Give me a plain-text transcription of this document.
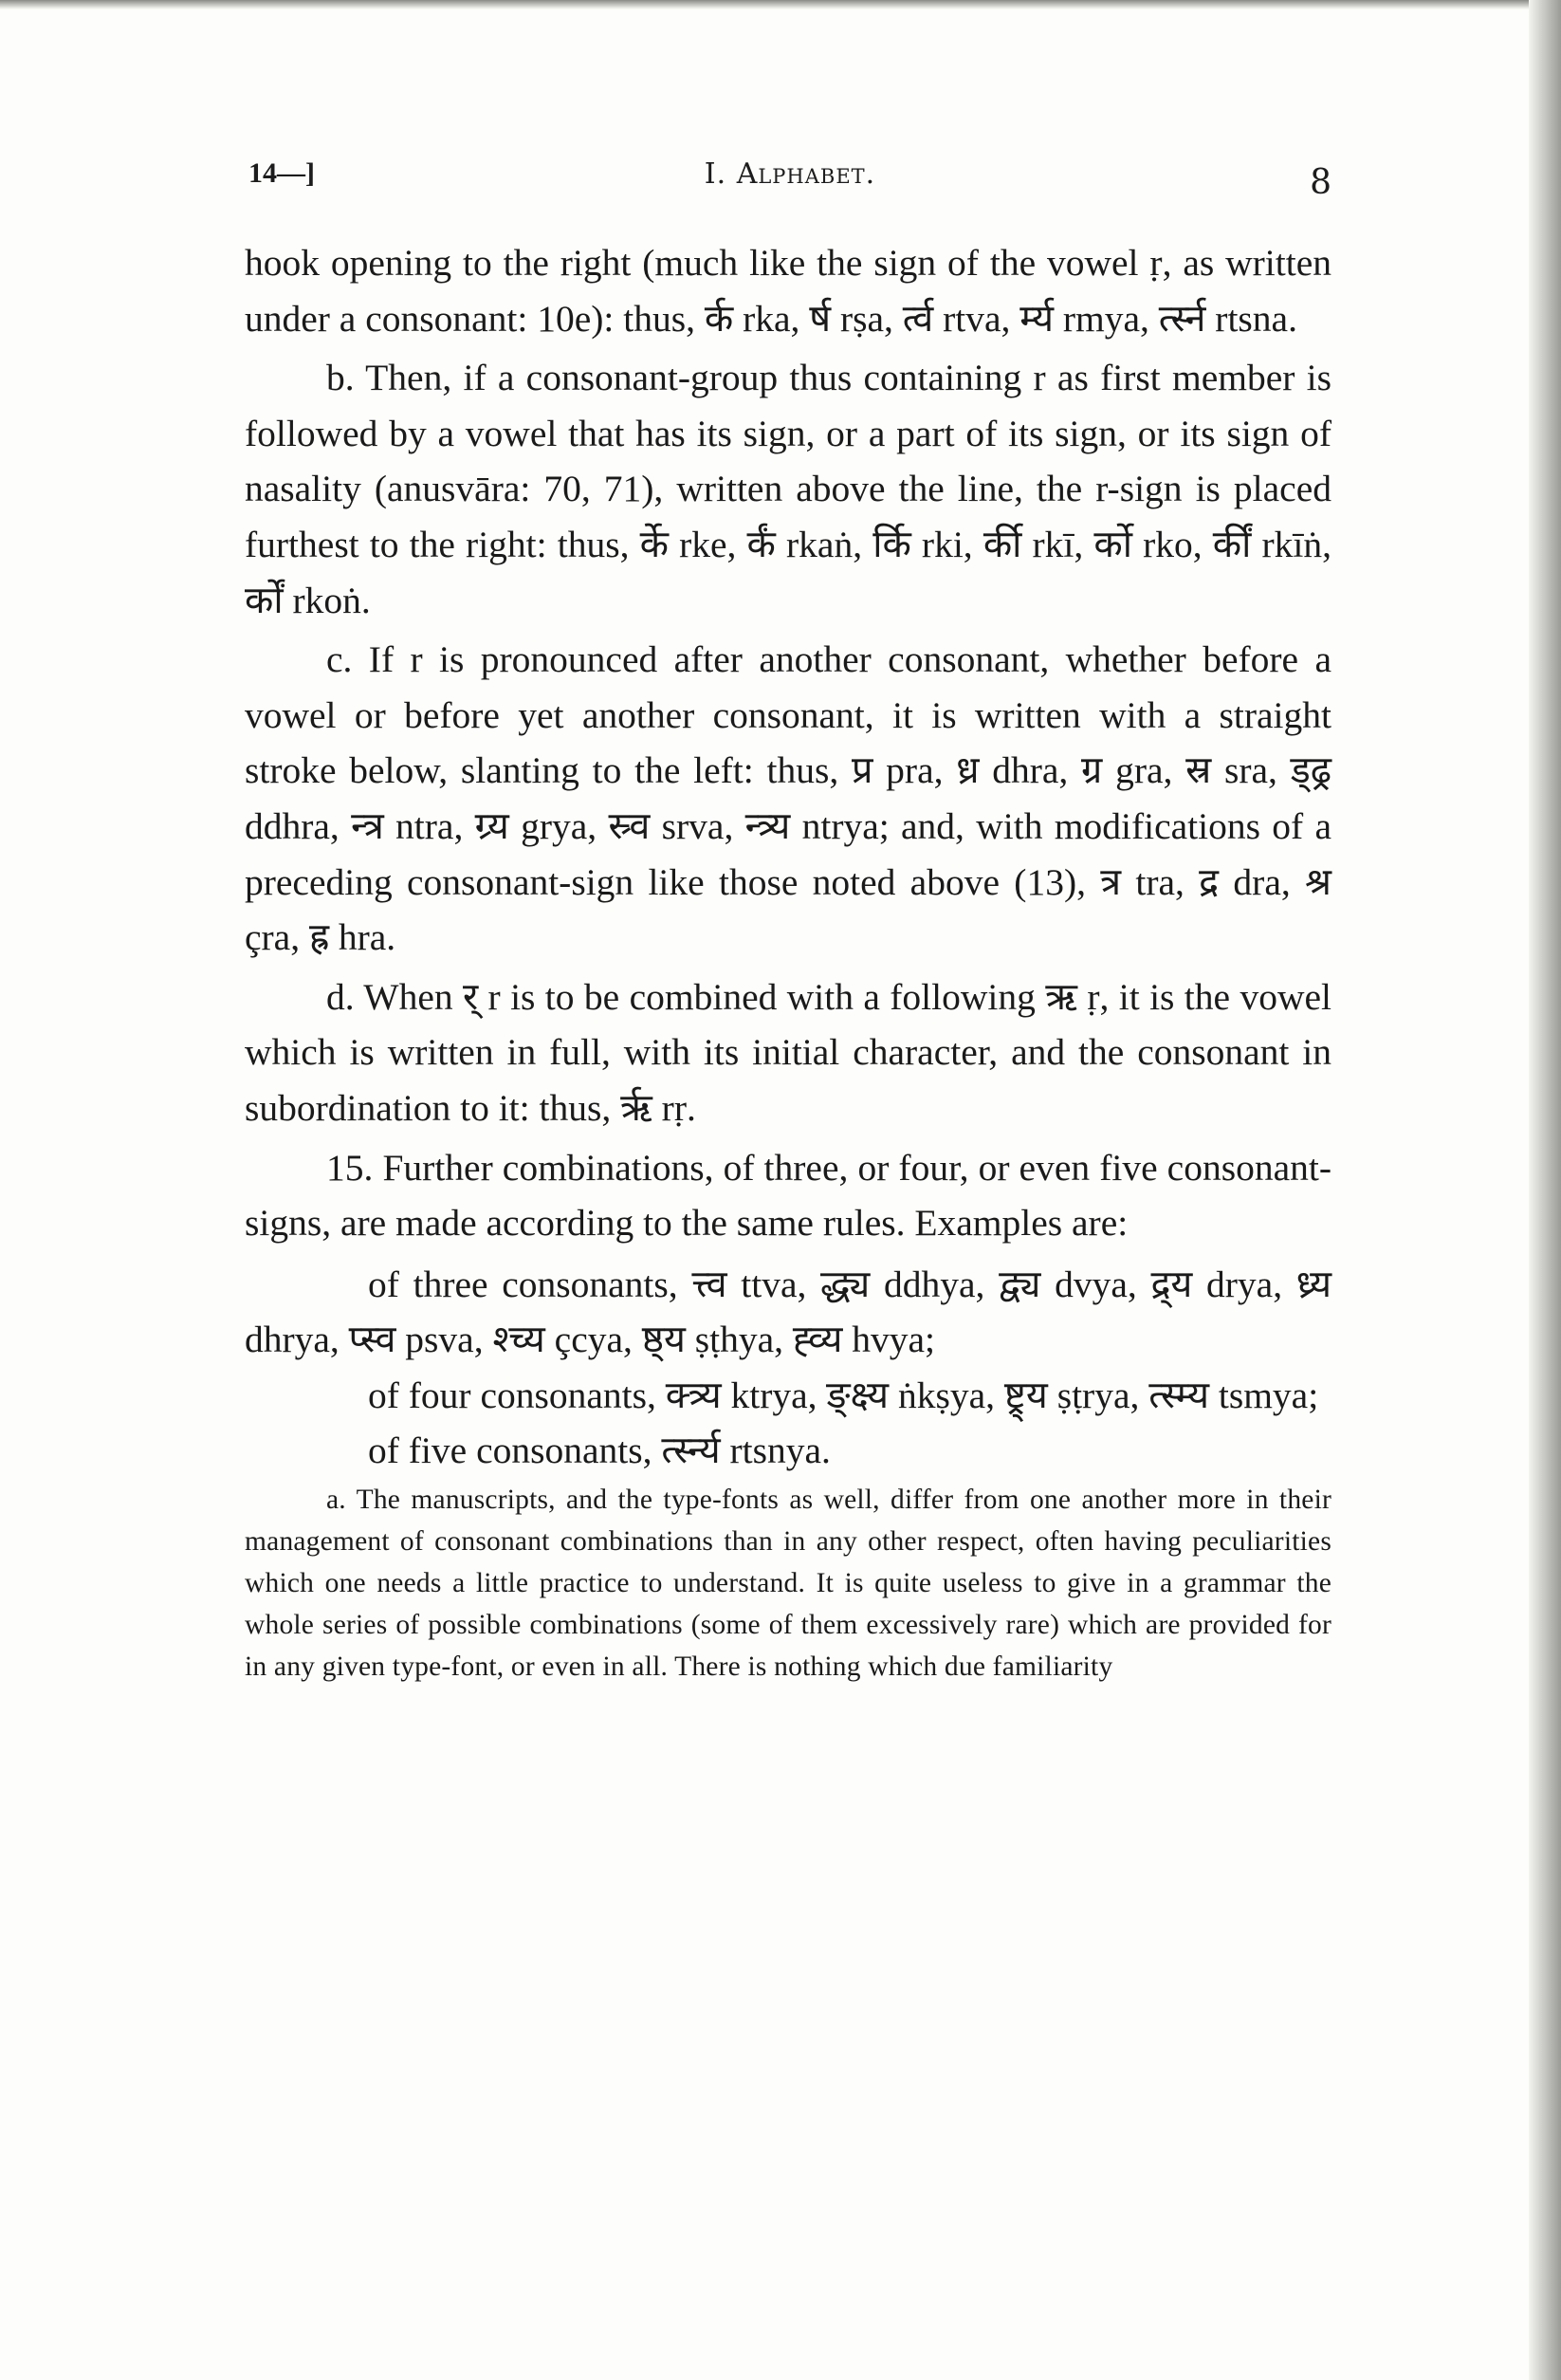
14—]	I. Alphabet.	8

hook opening to the right (much like the sign of the vowel ṛ, as written under a consonant: 10e): thus, र्क rka, र्ष rṣa, र्त्व rtva, र्म्य rmya, र्त्स्न rtsna.

b. Then, if a consonant-group thus containing r as first member is followed by a vowel that has its sign, or a part of its sign, or its sign of nasality (anusvāra: 70, 71), written above the line, the r-sign is placed furthest to the right: thus, र्के rke, र्कं rkaṅ, र्कि rki, र्की rkī, र्को rko, र्कीं rkīṅ, र्कों rkoṅ.

c. If r is pronounced after another consonant, whether before a vowel or before yet another consonant, it is written with a straight stroke below, slanting to the left: thus, प्र pra, ध्र dhra, ग्र gra, स्र sra, ड्ढ्र ddhra, न्त्र ntra, ग्र्य grya, स्र्व srva, न्त्र्य ntrya; and, with modifications of a preceding consonant-sign like those noted above (13), त्र tra, द्र dra, श्र çra, ह्र hra.

d. When र् r is to be combined with a following ऋ ṛ, it is the vowel which is written in full, with its initial character, and the consonant in subordination to it: thus, र्ऋ rṛ.

15. Further combinations, of three, or four, or even five consonant-signs, are made according to the same rules. Examples are:

of three consonants, त्त्व ttva, द्ध्य ddhya, द्व्य dvya, द्र्य drya, ध्र्य dhrya, प्स्व psva, श्च्य çcya, ष्ठ्य ṣṭhya, ह्व्य hvya;

of four consonants, क्त्र्य ktrya, ङ्क्ष्य ṅkṣya, ष्ट्र्य ṣṭrya, त्स्म्य tsmya;

of five consonants, र्त्स्न्य rtsnya.

a. The manuscripts, and the type-fonts as well, differ from one another more in their management of consonant combinations than in any other respect, often having peculiarities which one needs a little practice to understand. It is quite useless to give in a grammar the whole series of possible combinations (some of them excessively rare) which are provided for in any given type-font, or even in all. There is nothing which due familiarity
